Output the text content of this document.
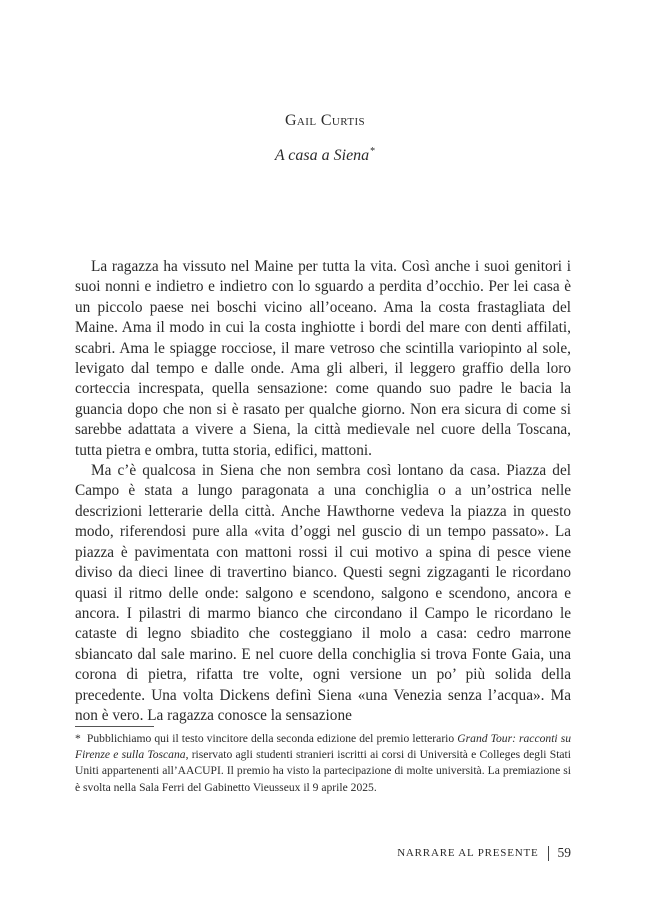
Gail Curtis
A casa a Siena*

La ragazza ha vissuto nel Maine per tutta la vita. Così anche i suoi genitori i suoi nonni e indietro e indietro con lo sguardo a perdita d’occhio. Per lei casa è un piccolo paese nei boschi vicino all’oceano. Ama la costa frastagliata del Maine. Ama il modo in cui la costa inghiotte i bordi del mare con denti affilati, scabri. Ama le spiagge rocciose, il mare vetroso che scintilla variopinto al sole, levigato dal tempo e dalle onde. Ama gli alberi, il leggero graffio della loro corteccia increspata, quella sensazione: come quando suo padre le bacia la guancia dopo che non si è rasato per qualche giorno. Non era sicura di come si sarebbe adattata a vivere a Siena, la città medievale nel cuore della Toscana, tutta pietra e ombra, tutta storia, edifici, mattoni.

Ma c’è qualcosa in Siena che non sembra così lontano da casa. Piazza del Campo è stata a lungo paragonata a una conchiglia o a un’ostrica nelle descrizioni letterarie della città. Anche Hawthorne vedeva la piazza in questo modo, riferendosi pure alla «vita d’oggi nel guscio di un tempo passato». La piazza è pavimentata con mattoni rossi il cui motivo a spina di pesce viene diviso da dieci linee di travertino bianco. Questi segni zigzaganti le ricordano quasi il ritmo delle onde: salgono e scendono, salgono e scendono, ancora e ancora. I pilastri di marmo bianco che circondano il Campo le ricordano le cataste di legno sbiadito che costeggiano il molo a casa: cedro marrone sbiancato dal sale marino. E nel cuore della conchiglia si trova Fonte Gaia, una corona di pietra, rifatta tre volte, ogni versione un po’ più solida della precedente. Una volta Dickens definì Siena «una Venezia senza l’acqua». Ma non è vero. La ragazza conosce la sensazione

* Pubblichiamo qui il testo vincitore della seconda edizione del premio letterario Grand Tour: racconti su Firenze e sulla Toscana, riservato agli studenti stranieri iscritti ai corsi di Università e Colleges degli Stati Uniti appartenenti all’AACUPI. Il premio ha visto la partecipazione di molte università. La premiazione si è svolta nella Sala Ferri del Gabinetto Vieusseux il 9 aprile 2025.
NARRARE AL PRESENTE 59
